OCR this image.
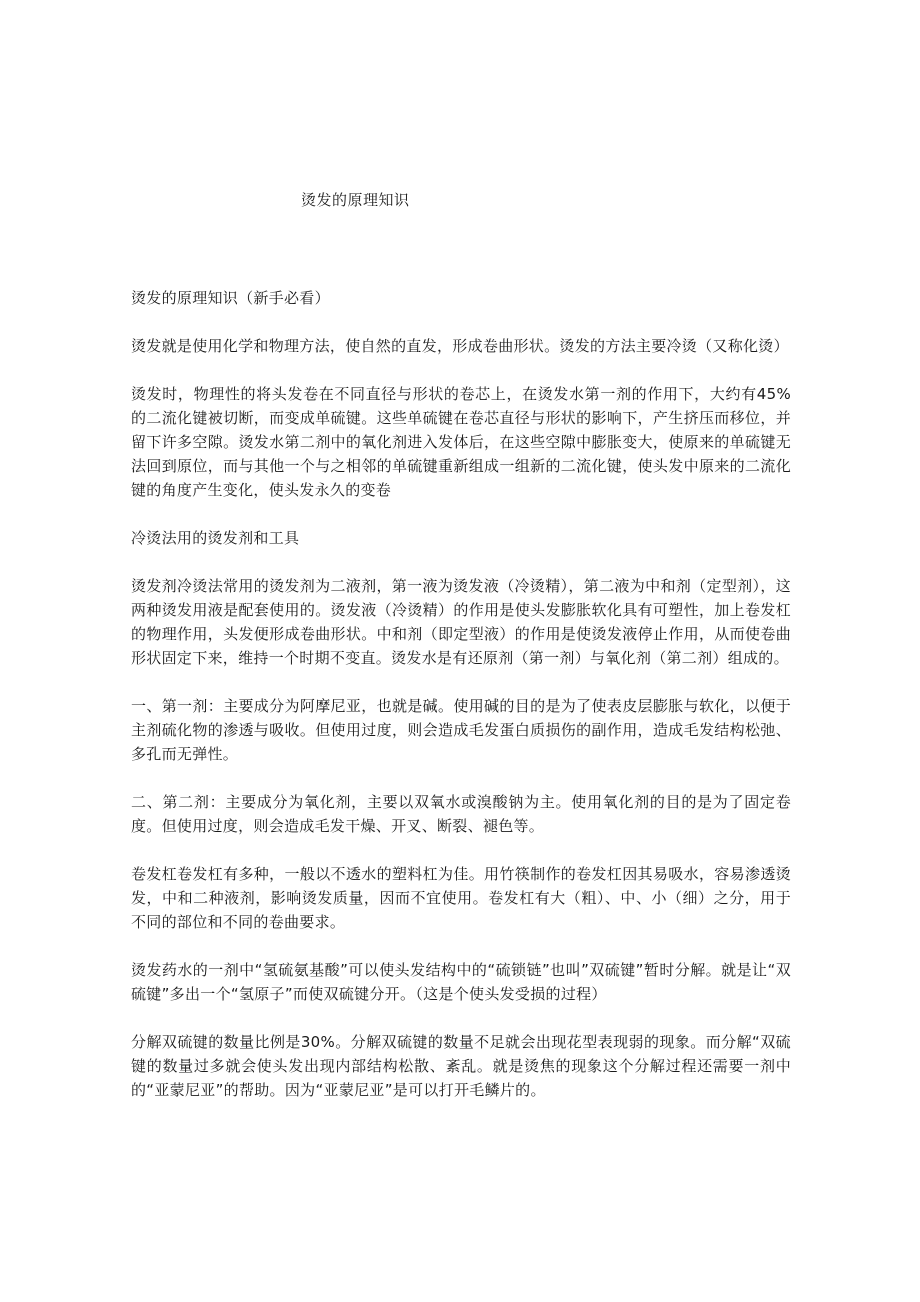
烫发的原理知识

烫发的原理知识（新手必看）

烫发就是使用化学和物理方法，使自然的直发，形成卷曲形状。烫发的方法主要冷烫（又称化烫）

烫发时，物理性的将头发卷在不同直径与形状的卷芯上，在烫发水第一剂的作用下，大约有45%的二流化键被切断，而变成单硫键。这些单硫键在卷芯直径与形状的影响下，产生挤压而移位，并留下许多空隙。烫发水第二剂中的氧化剂进入发体后，在这些空隙中膨胀变大，使原来的单硫键无法回到原位，而与其他一个与之相邻的单硫键重新组成一组新的二流化键，使头发中原来的二流化键的角度产生变化，使头发永久的变卷

冷烫法用的烫发剂和工具

烫发剂冷烫法常用的烫发剂为二液剂，第一液为烫发液（冷烫精），第二液为中和剂（定型剂），这两种烫发用液是配套使用的。烫发液（冷烫精）的作用是使头发膨胀软化具有可塑性，加上卷发杠的物理作用，头发便形成卷曲形状。中和剂（即定型液）的作用是使烫发液停止作用，从而使卷曲形状固定下来，维持一个时期不变直。烫发水是有还原剂（第一剂）与氧化剂（第二剂）组成的。

一、第一剂：主要成分为阿摩尼亚，也就是碱。使用碱的目的是为了使表皮层膨胀与软化，以便于主剂硫化物的渗透与吸收。但使用过度，则会造成毛发蛋白质损伤的副作用，造成毛发结构松弛、多孔而无弹性。

二、第二剂：主要成分为氧化剂，主要以双氧水或溴酸钠为主。使用氧化剂的目的是为了固定卷度。但使用过度，则会造成毛发干燥、开叉、断裂、褪色等。

卷发杠卷发杠有多种，一般以不透水的塑料杠为佳。用竹筷制作的卷发杠因其易吸水，容易渗透烫发，中和二种液剂，影响烫发质量，因而不宜使用。卷发杠有大（粗）、中、小（细）之分，用于不同的部位和不同的卷曲要求。

烫发药水的一剂中“氢硫氨基酸”可以使头发结构中的“硫锁链”也叫”双硫键”暂时分解。就是让“双硫键”多出一个“氢原子”而使双硫键分开。（这是个使头发受损的过程）

分解双硫键的数量比例是30%。分解双硫键的数量不足就会出现花型表现弱的现象。而分解“双硫键的数量过多就会使头发出现内部结构松散、紊乱。就是烫焦的现象这个分解过程还需要一剂中的“亚蒙尼亚”的帮助。因为“亚蒙尼亚”是可以打开毛鳞片的。
